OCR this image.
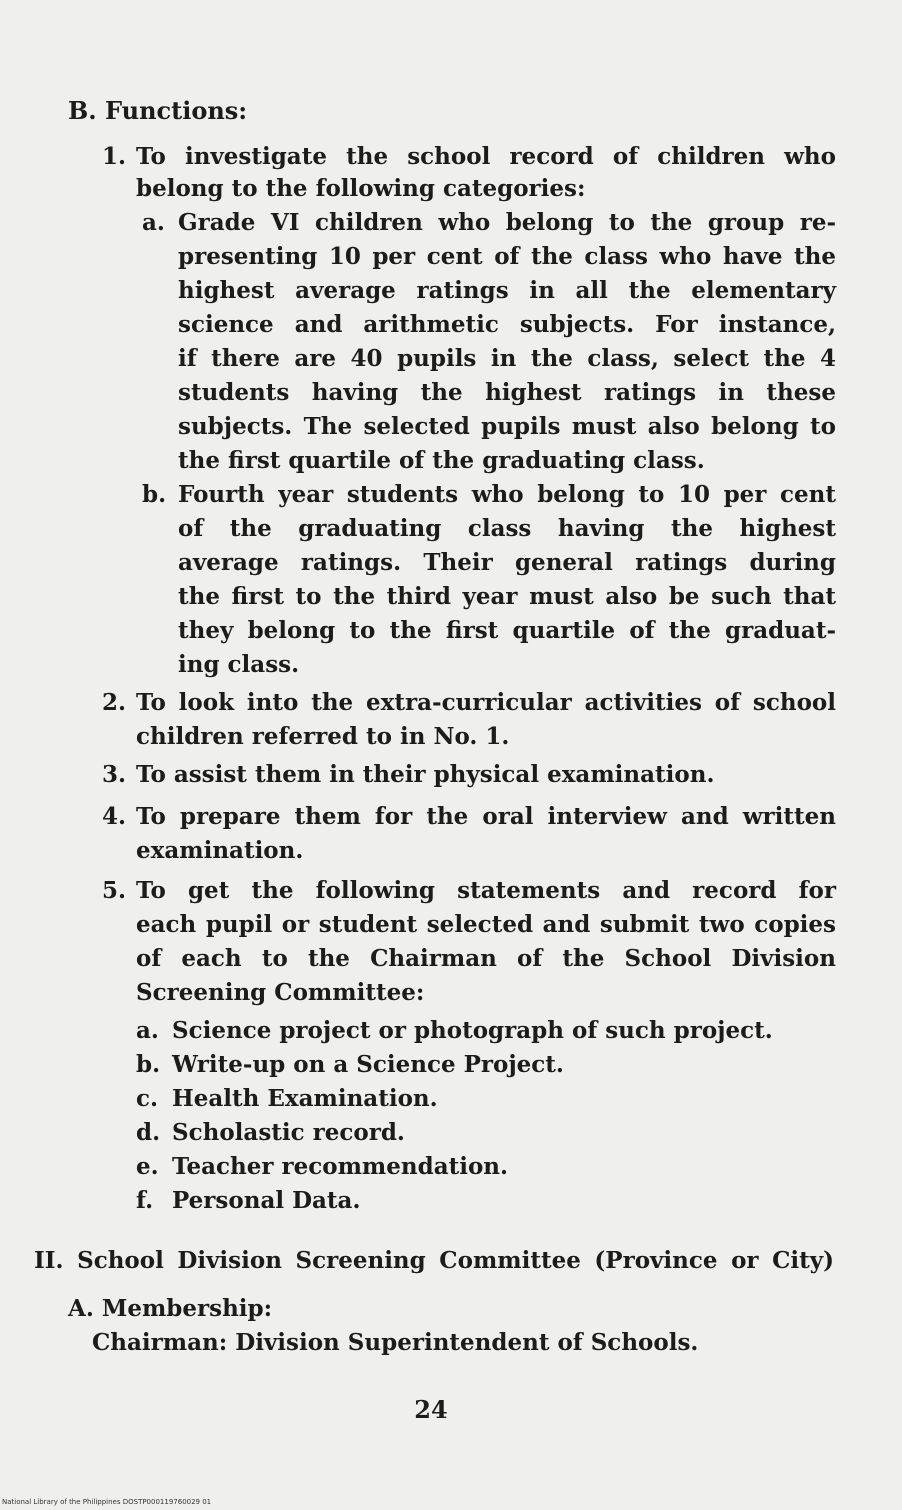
B. Functions:
1. To investigate the school record of children who
belong to the following categories:
a. Grade VI children who belong to the group re-
presenting 10 per cent of the class who have the
highest average ratings in all the elementary
science and arithmetic subjects. For instance,
if there are 40 pupils in the class, select the 4
students having the highest ratings in these
subjects. The selected pupils must also belong to
the first quartile of the graduating class.
b. Fourth year students who belong to 10 per cent
of the graduating class having the highest
average ratings. Their general ratings during
the first to the third year must also be such that
they belong to the first quartile of the graduat-
ing class.
2. To look into the extra-curricular activities of school
children referred to in No. 1.
3. To assist them in their physical examination.
4. To prepare them for the oral interview and written
examination.
5. To get the following statements and record for
each pupil or student selected and submit two copies
of each to the Chairman of the School Division
Screening Committee:
a. Science project or photograph of such project.
b. Write-up on a Science Project.
c. Health Examination.
d. Scholastic record.
e. Teacher recommendation.
f. Personal Data.
II. School Division Screening Committee (Province or City)
A. Membership:
Chairman: Division Superintendent of Schools.
24
National Library of the Philippines DOSTP000119760029 01
